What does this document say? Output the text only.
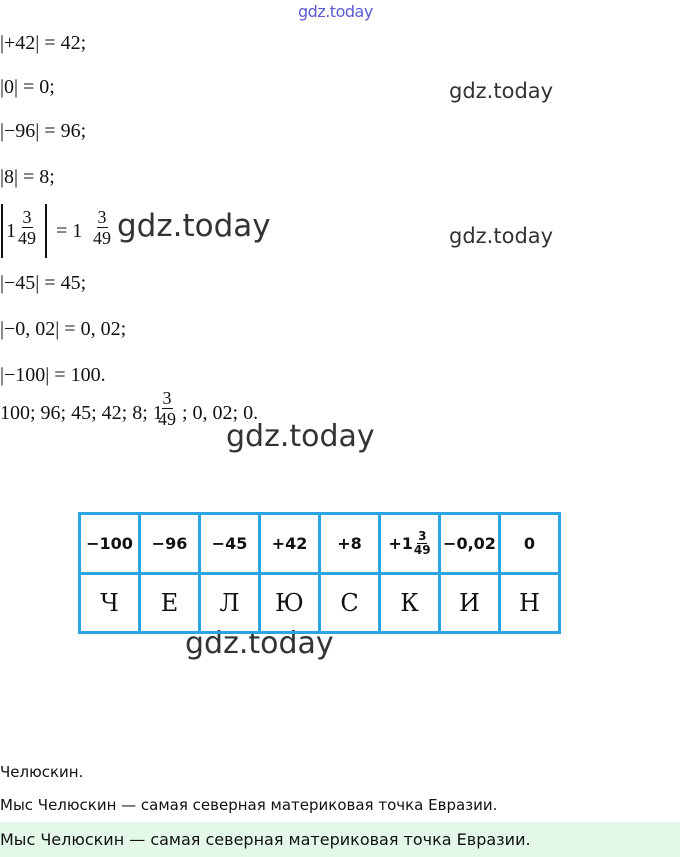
gdz.today
gdz.today
gdz.today	gdz.today
gdz.today
gdz.today
|+42| = 42;
|0| = 0;
|−96| = 96;
|8| = 8;
$1 \frac{3}{49} = 1 \frac{3}{49}$
|−45| = 45;
|−0, 02| = 0, 02;
|−100| = 100.
100; 96; 45; 42; 8; 1
$\frac{3}{49}$ ; 0, 02; 0.
−100	−96	−45	+42	+8	$+1 \frac{3}{49}$	−0,02	0
Ч	Е	Л	Ю	С	К	И	Н
Челюскин.
Мыс Челюскин — самая северная материковая точка Евразии.
Мыс Челюскин — самая северная материковая точка Евразии.
